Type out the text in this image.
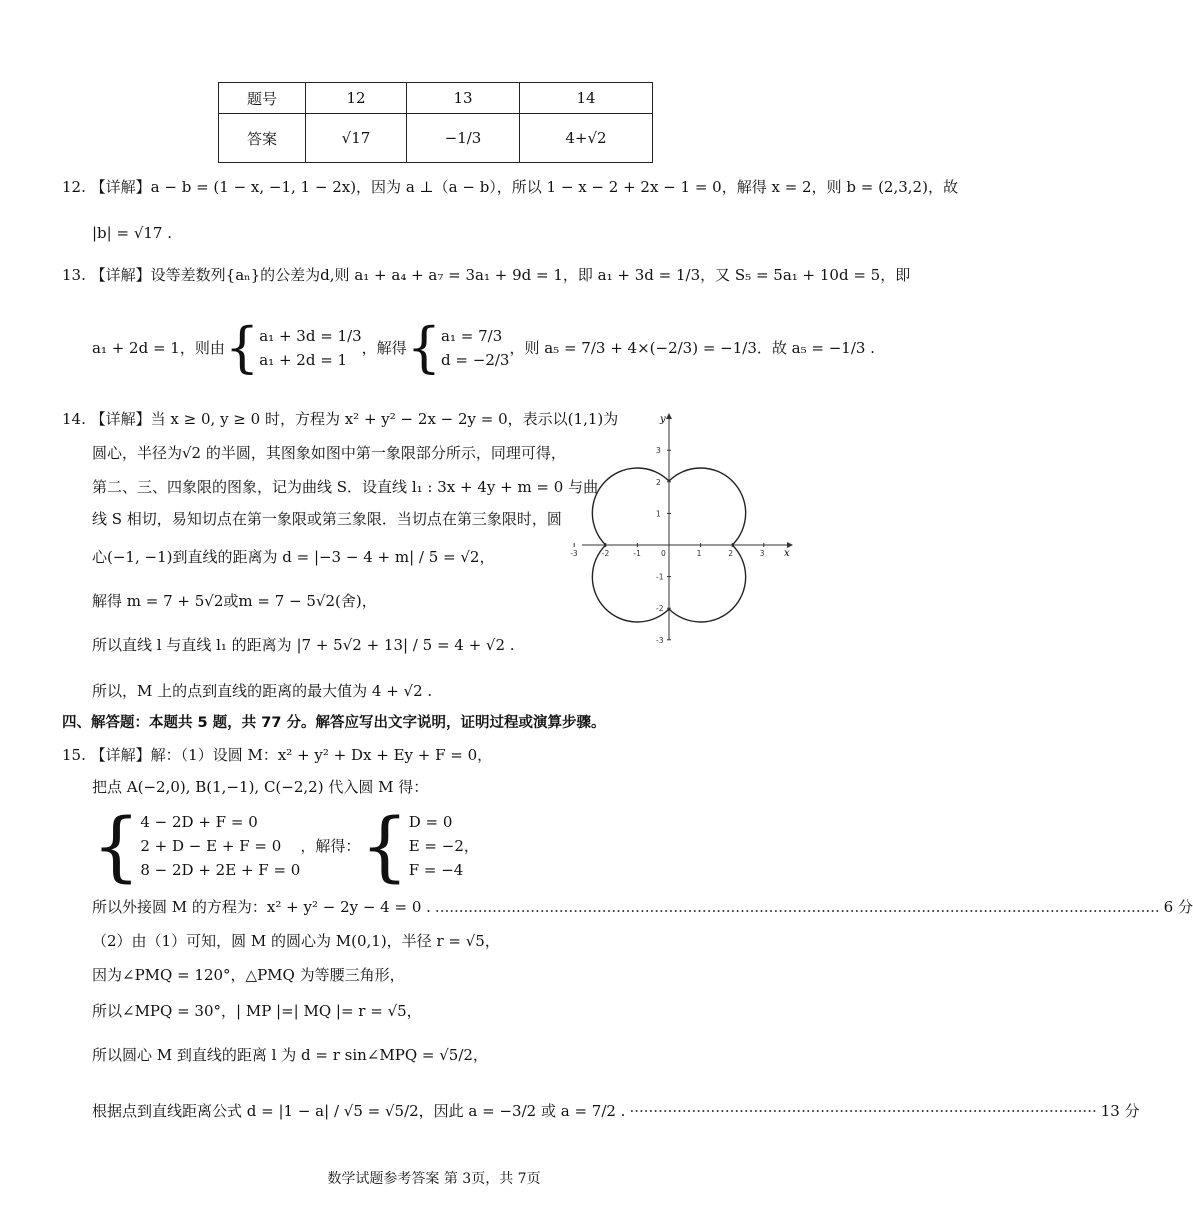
题号	12	13	14
答案	√17	−1/3	4+√2
12. 【详解】a − b = (1 − x, −1, 1 − 2x)，因为 a ⊥（a − b），所以 1 − x − 2 + 2x − 1 = 0，解得 x = 2，则 b = (2,3,2)，故
|b| = √17 .
13. 【详解】设等差数列{aₙ}的公差为d,则 a₁ + a₄ + a₇ = 3a₁ + 9d = 1，即 a₁ + 3d = 1/3，又 S₅ = 5a₁ + 10d = 5，即
a₁ + 2d = 1，则由 { a₁ + 3d = 1/3
a₁ + 2d = 1
，解得 { a₁ = 7/3
d = −2/3
，则 a₅ = 7/3 + 4×(−2/3) = −1/3．故 a₅ = −1/3 .
14. 【详解】当 x ≥ 0, y ≥ 0 时，方程为 x² + y² − 2x − 2y = 0，表示以(1,1)为
圆心，半径为√2 的半圆，其图象如图中第一象限部分所示，同理可得，
第二、三、四象限的图象，记为曲线 S．设直线 l₁ : 3x + 4y + m = 0 与曲
线 S 相切，易知切点在第一象限或第三象限．当切点在第三象限时，圆
心(−1, −1)到直线的距离为 d = |−3 − 4 + m| / 5 = √2，
解得 m = 7 + 5√2或m = 7 − 5√2(舍)，
所以直线 l 与直线 l₁ 的距离为 |7 + 5√2 + 13| / 5 = 4 + √2 .
所以，M 上的点到直线的距离的最大值为 4 + √2 .
x
y
-3	-2	-1	0	1	2	3
3
2
1
-1
-2
-3
四、解答题：本题共 5 题，共 77 分。解答应写出文字说明，证明过程或演算步骤。
15. 【详解】解：（1）设圆 M：x² + y² + Dx + Ey + F = 0，
把点 A(−2,0), B(1,−1), C(−2,2) 代入圆 M 得：
{ 4 − 2D + F = 0
2 + D − E + F = 0
8 − 2D + 2E + F = 0
，解得： { D = 0
E = −2，
F = −4
所以外接圆 M 的方程为：x² + y² − 2y − 4 = 0 . ........................................................................................................................................................ 6 分
（2）由（1）可知，圆 M 的圆心为 M(0,1)，半径 r = √5，
因为∠PMQ = 120°，△PMQ 为等腰三角形，
所以∠MPQ = 30°，| MP |=| MQ |= r = √5，
所以圆心 M 到直线的距离 l 为 d = r sin∠MPQ = √5/2，
根据点到直线距离公式 d = |1 − a| / √5 = √5/2，因此 a = −3/2 或 a = 7/2 . ·································································································· 13 分
数学试题参考答案 第 3页，共 7页
